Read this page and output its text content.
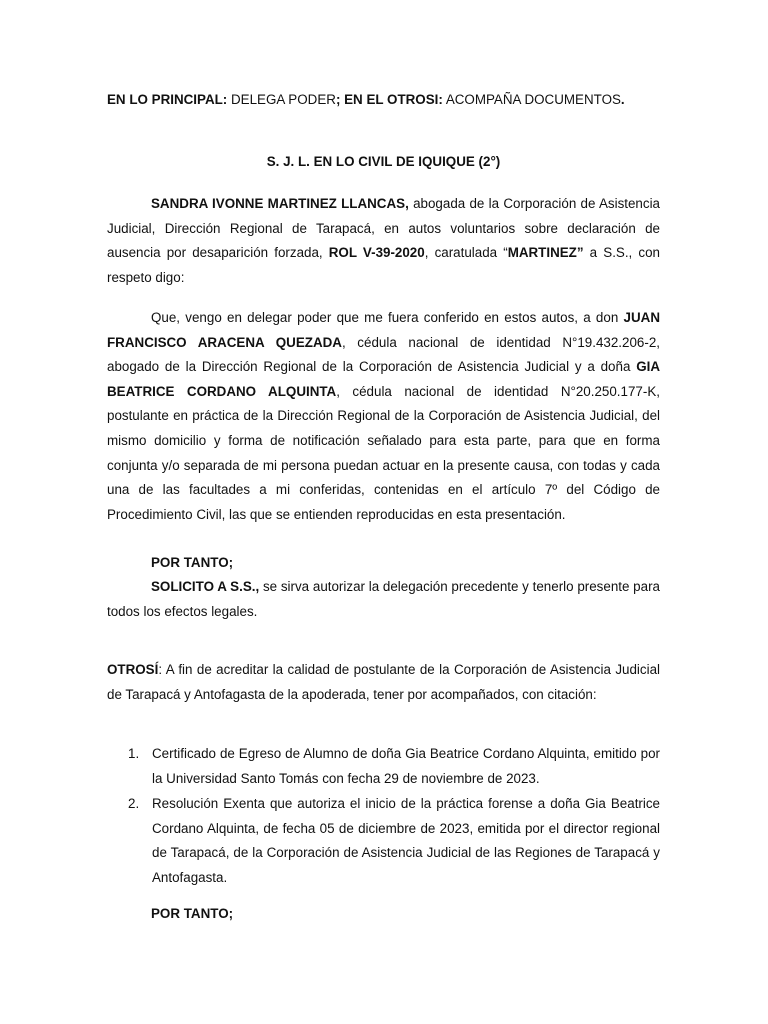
EN LO PRINCIPAL: DELEGA PODER; EN EL OTROSI: ACOMPAÑA DOCUMENTOS.

S. J. L. EN LO CIVIL DE IQUIQUE (2°)

SANDRA IVONNE MARTINEZ LLANCAS, abogada de la Corporación de Asistencia Judicial, Dirección Regional de Tarapacá, en autos voluntarios sobre declaración de ausencia por desaparición forzada, ROL V-39-2020, caratulada “MARTINEZ” a S.S., con respeto digo:

Que, vengo en delegar poder que me fuera conferido en estos autos, a don JUAN FRANCISCO ARACENA QUEZADA, cédula nacional de identidad N°19.432.206-2, abogado de la Dirección Regional de la Corporación de Asistencia Judicial y a doña GIA BEATRICE CORDANO ALQUINTA, cédula nacional de identidad N°20.250.177-K, postulante en práctica de la Dirección Regional de la Corporación de Asistencia Judicial, del mismo domicilio y forma de notificación señalado para esta parte, para que en forma conjunta y/o separada de mi persona puedan actuar en la presente causa, con todas y cada una de las facultades a mi conferidas, contenidas en el artículo 7º del Código de Procedimiento Civil, las que se entienden reproducidas en esta presentación.

POR TANTO;

SOLICITO A S.S., se sirva autorizar la delegación precedente y tenerlo presente para todos los efectos legales.

OTROSÍ: A fin de acreditar la calidad de postulante de la Corporación de Asistencia Judicial de Tarapacá y Antofagasta de la apoderada, tener por acompañados, con citación:

1. Certificado de Egreso de Alumno de doña Gia Beatrice Cordano Alquinta, emitido por la Universidad Santo Tomás con fecha 29 de noviembre de 2023.
2. Resolución Exenta que autoriza el inicio de la práctica forense a doña Gia Beatrice Cordano Alquinta, de fecha 05 de diciembre de 2023, emitida por el director regional de Tarapacá, de la Corporación de Asistencia Judicial de las Regiones de Tarapacá y Antofagasta.

POR TANTO;
